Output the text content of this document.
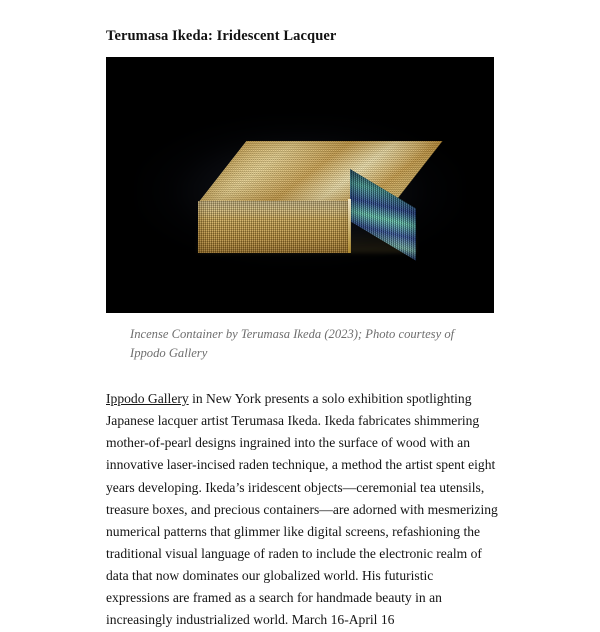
Terumasa Ikeda: Iridescent Lacquer
Incense Container by Terumasa Ikeda (2023); Photo courtesy of Ippodo Gallery

Ippodo Gallery in New York presents a solo exhibition spotlighting Japanese lacquer artist Terumasa Ikeda. Ikeda fabricates shimmering mother-of-pearl designs ingrained into the surface of wood with an innovative laser-incised raden technique, a method the artist spent eight years developing. Ikeda’s iridescent objects—ceremonial tea utensils, treasure boxes, and precious containers—are adorned with mesmerizing numerical patterns that glimmer like digital screens, refashioning the traditional visual language of raden to include the electronic realm of data that now dominates our globalized world. His futuristic expressions are framed as a search for handmade beauty in an increasingly industrialized world. March 16-April 16
